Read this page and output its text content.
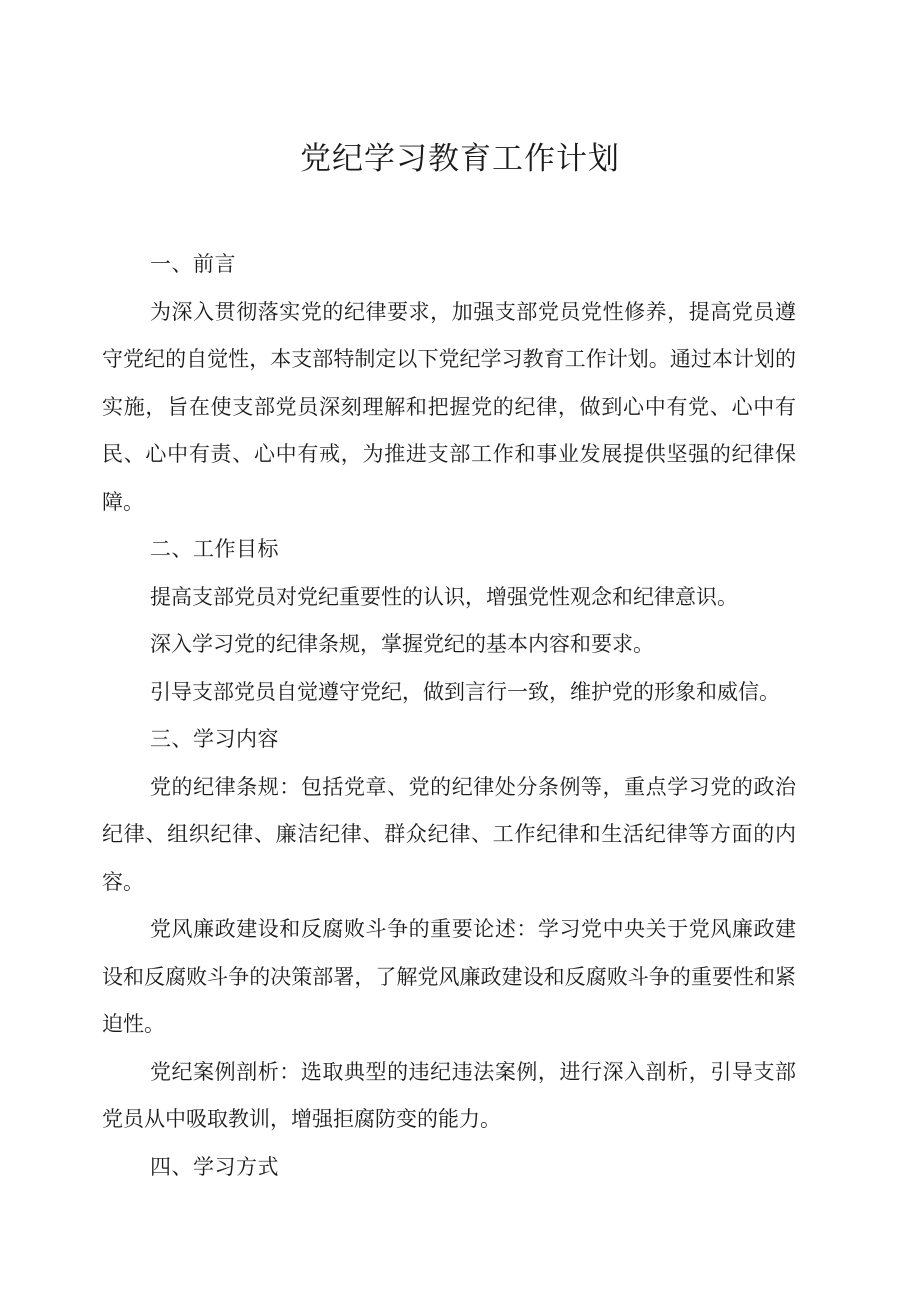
党纪学习教育工作计划

一、前言

为深入贯彻落实党的纪律要求，加强支部党员党性修养，提高党员遵守党纪的自觉性，本支部特制定以下党纪学习教育工作计划。通过本计划的实施，旨在使支部党员深刻理解和把握党的纪律，做到心中有党、心中有民、心中有责、心中有戒，为推进支部工作和事业发展提供坚强的纪律保障。

二、工作目标

提高支部党员对党纪重要性的认识，增强党性观念和纪律意识。

深入学习党的纪律条规，掌握党纪的基本内容和要求。

引导支部党员自觉遵守党纪，做到言行一致，维护党的形象和威信。

三、学习内容

党的纪律条规：包括党章、党的纪律处分条例等，重点学习党的政治纪律、组织纪律、廉洁纪律、群众纪律、工作纪律和生活纪律等方面的内容。

党风廉政建设和反腐败斗争的重要论述：学习党中央关于党风廉政建设和反腐败斗争的决策部署，了解党风廉政建设和反腐败斗争的重要性和紧迫性。

党纪案例剖析：选取典型的违纪违法案例，进行深入剖析，引导支部党员从中吸取教训，增强拒腐防变的能力。

四、学习方式
